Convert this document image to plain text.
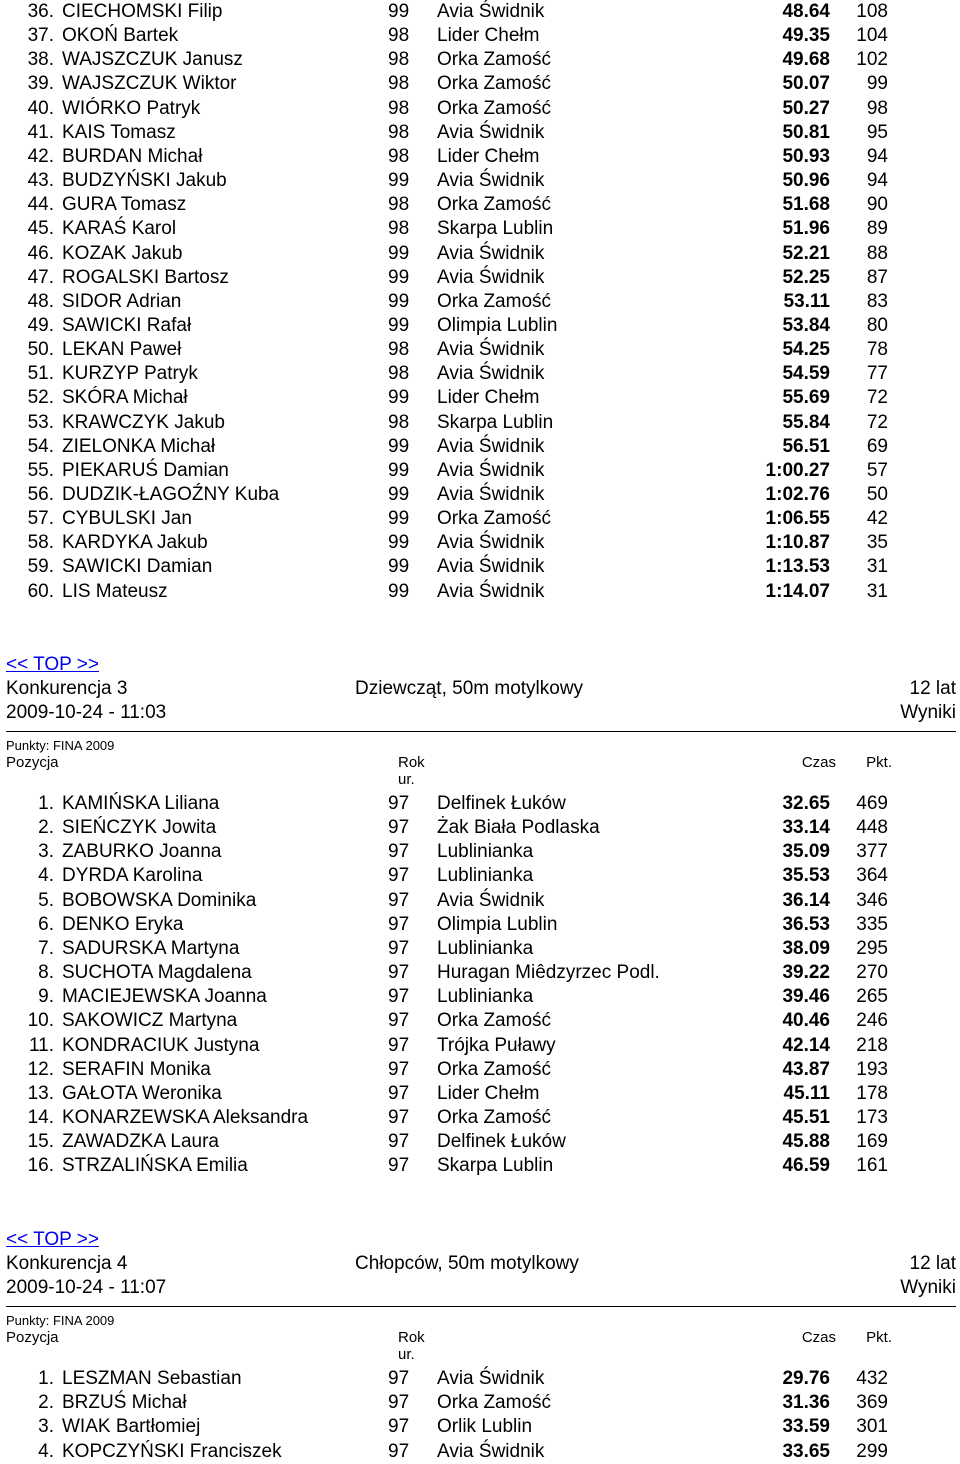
36. CIECHOMSKI Filip	99 Avia Świdnik	48.64	108
37. OKOŃ Bartek	98 Lider Chełm	49.35	104
38. WAJSZCZUK Janusz	98 Orka Zamość	49.68	102
39. WAJSZCZUK Wiktor	98 Orka Zamość	50.07	99
40. WIÓRKO Patryk	98 Orka Zamość	50.27	98
41. KAIS Tomasz	98 Avia Świdnik	50.81	95
42. BURDAN Michał	98 Lider Chełm	50.93	94
43. BUDZYŃSKI Jakub	99 Avia Świdnik	50.96	94
44. GURA Tomasz	98 Orka Zamość	51.68	90
45. KARAŚ Karol	98 Skarpa Lublin	51.96	89
46. KOZAK Jakub	99 Avia Świdnik	52.21	88
47. ROGALSKI Bartosz	99 Avia Świdnik	52.25	87
48. SIDOR Adrian	99 Orka Zamość	53.11	83
49. SAWICKI Rafał	99 Olimpia Lublin	53.84	80
50. LEKAN Paweł	98 Avia Świdnik	54.25	78
51. KURZYP Patryk	98 Avia Świdnik	54.59	77
52. SKÓRA Michał	99 Lider Chełm	55.69	72
53. KRAWCZYK Jakub	98 Skarpa Lublin	55.84	72
54. ZIELONKA Michał	99 Avia Świdnik	56.51	69
55. PIEKARUŚ Damian	99 Avia Świdnik	1:00.27	57
56. DUDZIK-ŁAGOŹNY Kuba	99 Avia Świdnik	1:02.76	50
57. CYBULSKI Jan	99 Orka Zamość	1:06.55	42
58. KARDYKA Jakub	99 Avia Świdnik	1:10.87	35
59. SAWICKI Damian	99 Avia Świdnik	1:13.53	31
60. LIS Mateusz	99 Avia Świdnik	1:14.07	31
<< TOP >>
Konkurencja 3	Dziewcząt, 50m motylkowy	12 lat
2009-10-24 - 11:03	Wyniki
Punkty: FINA 2009
Pozycja	Rok	Czas	Pkt.
ur.
1. KAMIŃSKA Liliana	97 Delfinek Łuków	32.65	469
2. SIEŃCZYK Jowita	97 Żak Biała Podlaska	33.14	448
3. ZABURKO Joanna	97 Lublinianka	35.09	377
4. DYRDA Karolina	97 Lublinianka	35.53	364
5. BOBOWSKA Dominika	97 Avia Świdnik	36.14	346
6. DENKO Eryka	97 Olimpia Lublin	36.53	335
7. SADURSKA Martyna	97 Lublinianka	38.09	295
8. SUCHOTA Magdalena	97 Huragan Miêdzyrzec Podl.	39.22	270
9. MACIEJEWSKA Joanna	97 Lublinianka	39.46	265
10. SAKOWICZ Martyna	97 Orka Zamość	40.46	246
11. KONDRACIUK Justyna	97 Trójka Puławy	42.14	218
12. SERAFIN Monika	97 Orka Zamość	43.87	193
13. GAŁOTA Weronika	97 Lider Chełm	45.11	178
14. KONARZEWSKA Aleksandra	97 Orka Zamość	45.51	173
15. ZAWADZKA Laura	97 Delfinek Łuków	45.88	169
16. STRZALIŃSKA Emilia	97 Skarpa Lublin	46.59	161
<< TOP >>
Konkurencja 4	Chłopców, 50m motylkowy	12 lat
2009-10-24 - 11:07	Wyniki
Punkty: FINA 2009
Pozycja	Rok	Czas	Pkt.
ur.
1. LESZMAN Sebastian	97 Avia Świdnik	29.76	432
2. BRZUŚ Michał	97 Orka Zamość	31.36	369
3. WIAK Bartłomiej	97 Orlik Lublin	33.59	301
4. KOPCZYŃSKI Franciszek	97 Avia Świdnik	33.65	299
